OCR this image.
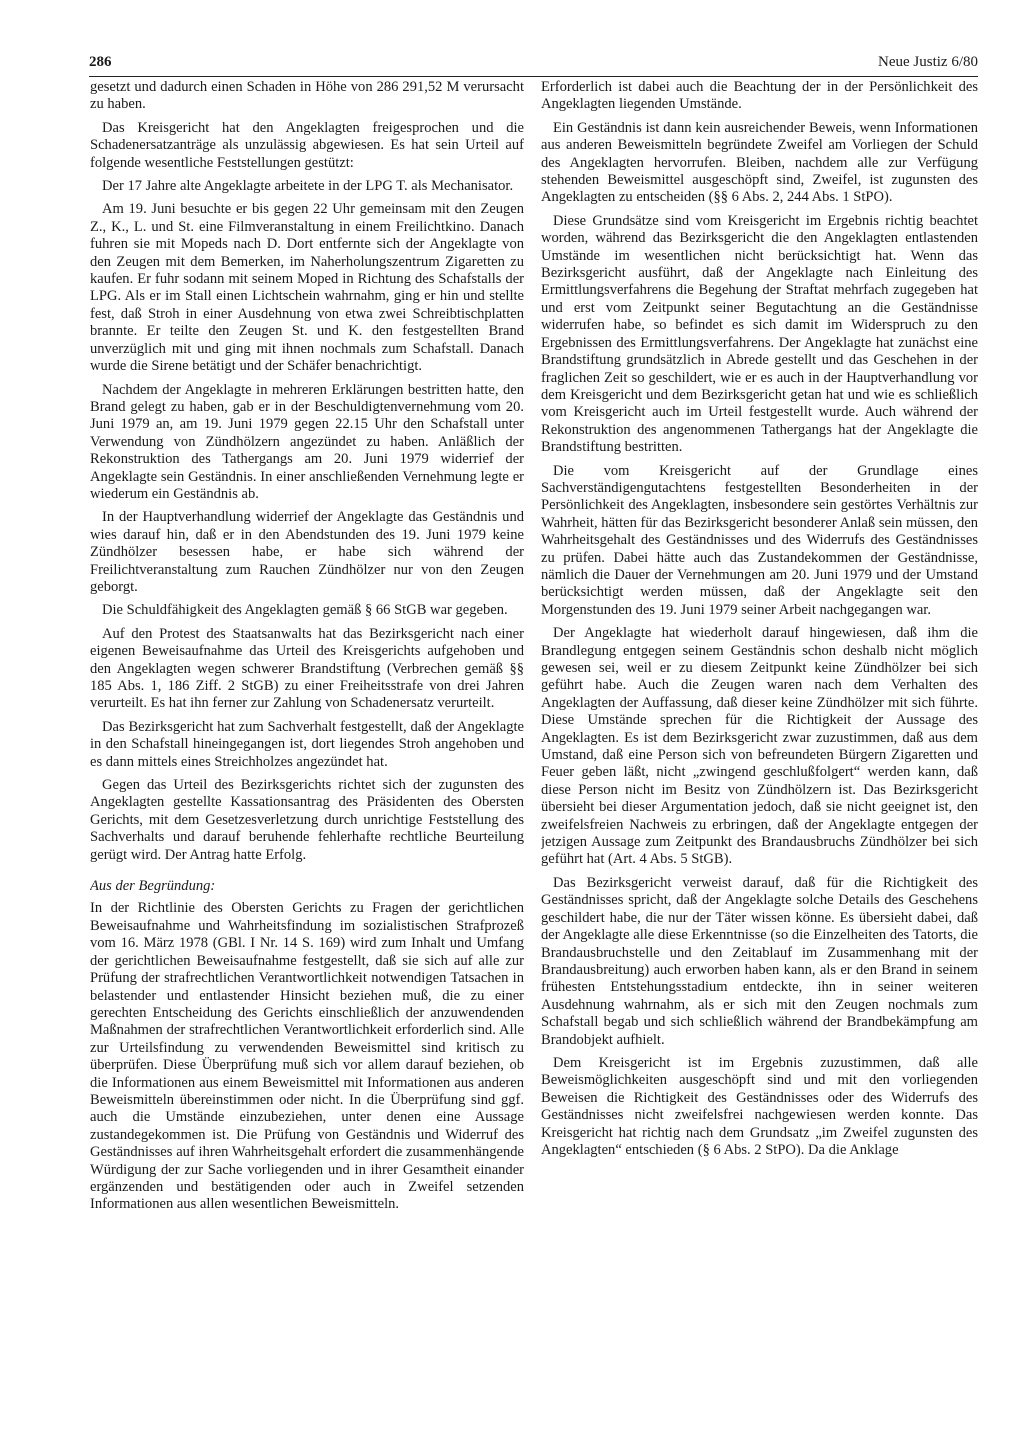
286	Neue Justiz 6/80

gesetzt und dadurch einen Schaden in Höhe von 286 291,52 M verursacht zu haben.

Das Kreisgericht hat den Angeklagten freigesprochen und die Schadenersatzanträge als unzulässig abgewiesen. Es hat sein Urteil auf folgende wesentliche Feststellungen gestützt:

Der 17 Jahre alte Angeklagte arbeitete in der LPG T. als Mechanisator.

Am 19. Juni besuchte er bis gegen 22 Uhr gemeinsam mit den Zeugen Z., K., L. und St. eine Filmveranstaltung in einem Freilichtkino. Danach fuhren sie mit Mopeds nach D. Dort entfernte sich der Angeklagte von den Zeugen mit dem Bemerken, im Naherholungszentrum Zigaretten zu kaufen. Er fuhr sodann mit seinem Moped in Richtung des Schafstalls der LPG. Als er im Stall einen Lichtschein wahrnahm, ging er hin und stellte fest, daß Stroh in einer Ausdehnung von etwa zwei Schreibtischplatten brannte. Er teilte den Zeugen St. und K. den festgestellten Brand unverzüglich mit und ging mit ihnen nochmals zum Schafstall. Danach wurde die Sirene betätigt und der Schäfer benachrichtigt.

Nachdem der Angeklagte in mehreren Erklärungen bestritten hatte, den Brand gelegt zu haben, gab er in der Beschuldigtenvernehmung vom 20. Juni 1979 an, am 19. Juni 1979 gegen 22.15 Uhr den Schafstall unter Verwendung von Zündhölzern angezündet zu haben. Anläßlich der Rekonstruktion des Tathergangs am 20. Juni 1979 widerrief der Angeklagte sein Geständnis. In einer anschließenden Vernehmung legte er wiederum ein Geständnis ab.

In der Hauptverhandlung widerrief der Angeklagte das Geständnis und wies darauf hin, daß er in den Abendstunden des 19. Juni 1979 keine Zündhölzer besessen habe, er habe sich während der Freilichtveranstaltung zum Rauchen Zündhölzer nur von den Zeugen geborgt.

Die Schuldfähigkeit des Angeklagten gemäß § 66 StGB war gegeben.

Auf den Protest des Staatsanwalts hat das Bezirksgericht nach einer eigenen Beweisaufnahme das Urteil des Kreisgerichts aufgehoben und den Angeklagten wegen schwerer Brandstiftung (Verbrechen gemäß §§ 185 Abs. 1, 186 Ziff. 2 StGB) zu einer Freiheitsstrafe von drei Jahren verurteilt. Es hat ihn ferner zur Zahlung von Schadenersatz verurteilt.

Das Bezirksgericht hat zum Sachverhalt festgestellt, daß der Angeklagte in den Schafstall hineingegangen ist, dort liegendes Stroh angehoben und es dann mittels eines Streichholzes angezündet hat.

Gegen das Urteil des Bezirksgerichts richtet sich der zugunsten des Angeklagten gestellte Kassationsantrag des Präsidenten des Obersten Gerichts, mit dem Gesetzesverletzung durch unrichtige Feststellung des Sachverhalts und darauf beruhende fehlerhafte rechtliche Beurteilung gerügt wird. Der Antrag hatte Erfolg.

Aus der Begründung:

In der Richtlinie des Obersten Gerichts zu Fragen der gerichtlichen Beweisaufnahme und Wahrheitsfindung im sozialistischen Strafprozeß vom 16. März 1978 (GBl. I Nr. 14 S. 169) wird zum Inhalt und Umfang der gerichtlichen Beweisaufnahme festgestellt, daß sie sich auf alle zur Prüfung der strafrechtlichen Verantwortlichkeit notwendigen Tatsachen in belastender und entlastender Hinsicht beziehen muß, die zu einer gerechten Entscheidung des Gerichts einschließlich der anzuwendenden Maßnahmen der strafrechtlichen Verantwortlichkeit erforderlich sind. Alle zur Urteilsfindung zu verwendenden Beweismittel sind kritisch zu überprüfen. Diese Überprüfung muß sich vor allem darauf beziehen, ob die Informationen aus einem Beweismittel mit Informationen aus anderen Beweismitteln übereinstimmen oder nicht. In die Überprüfung sind ggf. auch die Umstände einzubeziehen, unter denen eine Aussage zustandegekommen ist. Die Prüfung von Geständnis und Widerruf des Geständnisses auf ihren Wahrheitsgehalt erfordert die zusammenhängende Würdigung der zur Sache vorliegenden und in ihrer Gesamtheit einander ergänzenden und bestätigenden oder auch in Zweifel setzenden Informationen aus allen wesentlichen Beweismitteln.

Erforderlich ist dabei auch die Beachtung der in der Persönlichkeit des Angeklagten liegenden Umstände.

Ein Geständnis ist dann kein ausreichender Beweis, wenn Informationen aus anderen Beweismitteln begründete Zweifel am Vorliegen der Schuld des Angeklagten hervorrufen. Bleiben, nachdem alle zur Verfügung stehenden Beweismittel ausgeschöpft sind, Zweifel, ist zugunsten des Angeklagten zu entscheiden (§§ 6 Abs. 2, 244 Abs. 1 StPO).

Diese Grundsätze sind vom Kreisgericht im Ergebnis richtig beachtet worden, während das Bezirksgericht die den Angeklagten entlastenden Umstände im wesentlichen nicht berücksichtigt hat. Wenn das Bezirksgericht ausführt, daß der Angeklagte nach Einleitung des Ermittlungsverfahrens die Begehung der Straftat mehrfach zugegeben hat und erst vom Zeitpunkt seiner Begutachtung an die Geständnisse widerrufen habe, so befindet es sich damit im Widerspruch zu den Ergebnissen des Ermittlungsverfahrens. Der Angeklagte hat zunächst eine Brandstiftung grundsätzlich in Abrede gestellt und das Geschehen in der fraglichen Zeit so geschildert, wie er es auch in der Hauptverhandlung vor dem Kreisgericht und dem Bezirksgericht getan hat und wie es schließlich vom Kreisgericht auch im Urteil festgestellt wurde. Auch während der Rekonstruktion des angenommenen Tathergangs hat der Angeklagte die Brandstiftung bestritten.

Die vom Kreisgericht auf der Grundlage eines Sachverständigengutachtens festgestellten Besonderheiten in der Persönlichkeit des Angeklagten, insbesondere sein gestörtes Verhältnis zur Wahrheit, hätten für das Bezirksgericht besonderer Anlaß sein müssen, den Wahrheitsgehalt des Geständnisses und des Widerrufs des Geständnisses zu prüfen. Dabei hätte auch das Zustandekommen der Geständnisse, nämlich die Dauer der Vernehmungen am 20. Juni 1979 und der Umstand berücksichtigt werden müssen, daß der Angeklagte seit den Morgenstunden des 19. Juni 1979 seiner Arbeit nachgegangen war.

Der Angeklagte hat wiederholt darauf hingewiesen, daß ihm die Brandlegung entgegen seinem Geständnis schon deshalb nicht möglich gewesen sei, weil er zu diesem Zeitpunkt keine Zündhölzer bei sich geführt habe. Auch die Zeugen waren nach dem Verhalten des Angeklagten der Auffassung, daß dieser keine Zündhölzer mit sich führte. Diese Umstände sprechen für die Richtigkeit der Aussage des Angeklagten. Es ist dem Bezirksgericht zwar zuzustimmen, daß aus dem Umstand, daß eine Person sich von befreundeten Bürgern Zigaretten und Feuer geben läßt, nicht „zwingend geschlußfolgert“ werden kann, daß diese Person nicht im Besitz von Zündhölzern ist. Das Bezirksgericht übersieht bei dieser Argumentation jedoch, daß sie nicht geeignet ist, den zweifelsfreien Nachweis zu erbringen, daß der Angeklagte entgegen der jetzigen Aussage zum Zeitpunkt des Brandausbruchs Zündhölzer bei sich geführt hat (Art. 4 Abs. 5 StGB).

Das Bezirksgericht verweist darauf, daß für die Richtigkeit des Geständnisses spricht, daß der Angeklagte solche Details des Geschehens geschildert habe, die nur der Täter wissen könne. Es übersieht dabei, daß der Angeklagte alle diese Erkenntnisse (so die Einzelheiten des Tatorts, die Brandausbruchstelle und den Zeitablauf im Zusammenhang mit der Brandausbreitung) auch erworben haben kann, als er den Brand in seinem frühesten Entstehungsstadium entdeckte, ihn in seiner weiteren Ausdehnung wahrnahm, als er sich mit den Zeugen nochmals zum Schafstall begab und sich schließlich während der Brandbekämpfung am Brandobjekt aufhielt.

Dem Kreisgericht ist im Ergebnis zuzustimmen, daß alle Beweismöglichkeiten ausgeschöpft sind und mit den vorliegenden Beweisen die Richtigkeit des Geständnisses oder des Widerrufs des Geständnisses nicht zweifelsfrei nachgewiesen werden konnte. Das Kreisgericht hat richtig nach dem Grundsatz „im Zweifel zugunsten des Angeklagten“ entschieden (§ 6 Abs. 2 StPO). Da die Anklage
